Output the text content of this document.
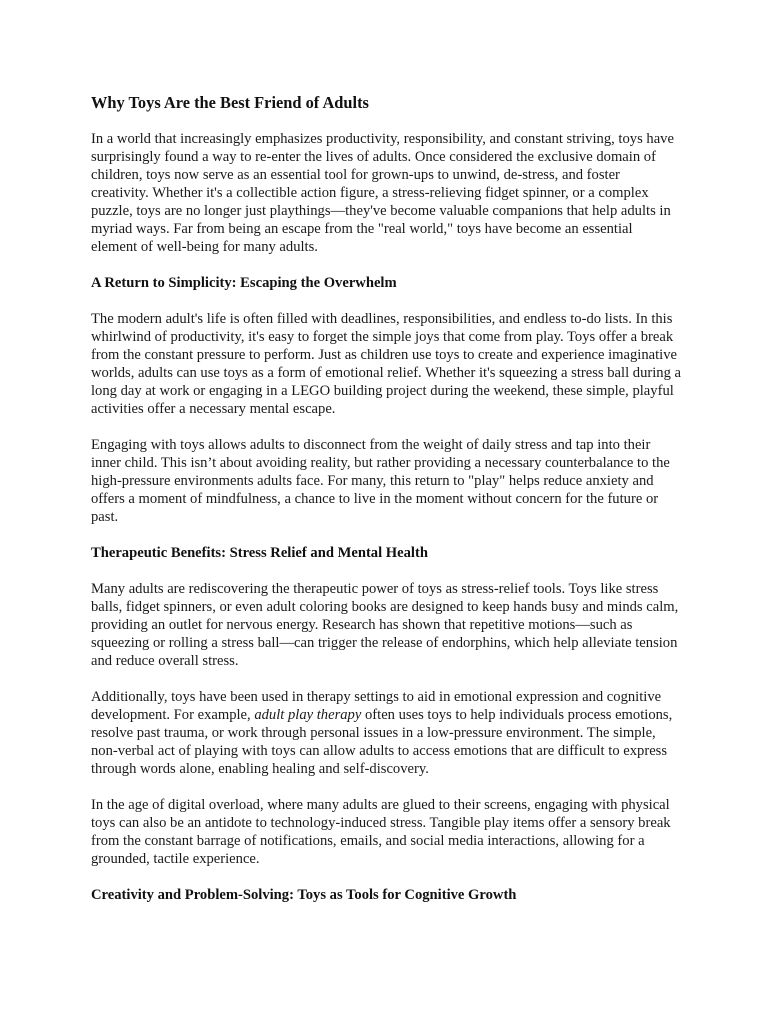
Why Toys Are the Best Friend of Adults

In a world that increasingly emphasizes productivity, responsibility, and constant striving, toys have surprisingly found a way to re-enter the lives of adults. Once considered the exclusive domain of children, toys now serve as an essential tool for grown-ups to unwind, de-stress, and foster creativity. Whether it's a collectible action figure, a stress-relieving fidget spinner, or a complex puzzle, toys are no longer just playthings—they've become valuable companions that help adults in myriad ways. Far from being an escape from the "real world," toys have become an essential element of well-being for many adults.

A Return to Simplicity: Escaping the Overwhelm

The modern adult's life is often filled with deadlines, responsibilities, and endless to-do lists. In this whirlwind of productivity, it's easy to forget the simple joys that come from play. Toys offer a break from the constant pressure to perform. Just as children use toys to create and experience imaginative worlds, adults can use toys as a form of emotional relief. Whether it's squeezing a stress ball during a long day at work or engaging in a LEGO building project during the weekend, these simple, playful activities offer a necessary mental escape.

Engaging with toys allows adults to disconnect from the weight of daily stress and tap into their inner child. This isn’t about avoiding reality, but rather providing a necessary counterbalance to the high-pressure environments adults face. For many, this return to "play" helps reduce anxiety and offers a moment of mindfulness, a chance to live in the moment without concern for the future or past.

Therapeutic Benefits: Stress Relief and Mental Health

Many adults are rediscovering the therapeutic power of toys as stress-relief tools. Toys like stress balls, fidget spinners, or even adult coloring books are designed to keep hands busy and minds calm, providing an outlet for nervous energy. Research has shown that repetitive motions—such as squeezing or rolling a stress ball—can trigger the release of endorphins, which help alleviate tension and reduce overall stress.

Additionally, toys have been used in therapy settings to aid in emotional expression and cognitive development. For example, adult play therapy often uses toys to help individuals process emotions, resolve past trauma, or work through personal issues in a low-pressure environment. The simple, non-verbal act of playing with toys can allow adults to access emotions that are difficult to express through words alone, enabling healing and self-discovery.

In the age of digital overload, where many adults are glued to their screens, engaging with physical toys can also be an antidote to technology-induced stress. Tangible play items offer a sensory break from the constant barrage of notifications, emails, and social media interactions, allowing for a grounded, tactile experience.

Creativity and Problem-Solving: Toys as Tools for Cognitive Growth
